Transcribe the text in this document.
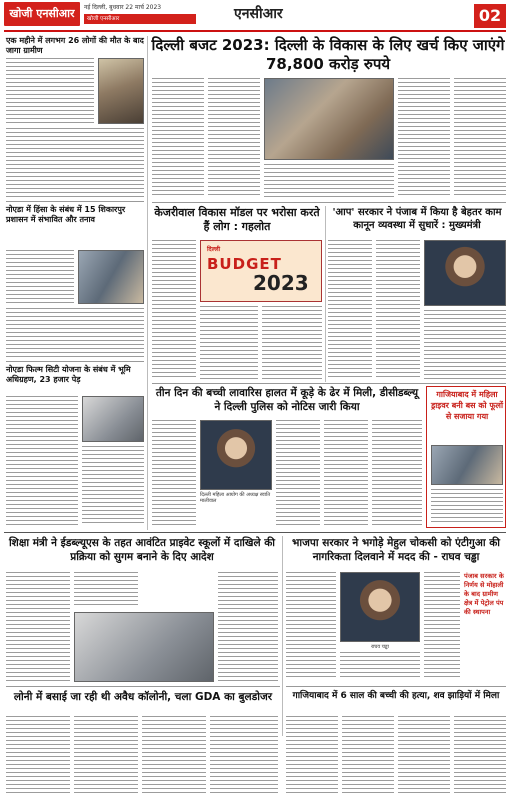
खोजी एनसीआर	नई दिल्ली, बुधवार 22 मार्च 2023
खोजी एनसीआर	एनसीआर	02
एक महीने में लगभग 26 लोगों की मौत के बाद जागा ग्रामीण
नोएडा में हिंसा के संबंध में 15 शिकारपुर प्रशासन में संभावित और तनाव
नोएडा फिल्म सिटी योजना के संबंध में भूमि अधिग्रहण, 23 हजार पेड़
दिल्ली बजट 2023: दिल्ली के विकास के लिए खर्च किए जाएंगे 78,800 करोड़ रुपये
केजरीवाल विकास मॉडल पर भरोसा करते हैं लोग : गहलोत
'आप' सरकार ने पंजाब में किया है बेहतर काम कानून व्यवस्था में सुधारें : मुख्यमंत्री
दिल्ली
BUDGET
2023
तीन दिन की बच्ची लावारिस हालत में कूड़े के ढेर में मिली, डीसीडब्ल्यू ने दिल्ली पुलिस को नोटिस जारी किया
दिल्ली महिला आयोग की अध्यक्ष स्वाति मालीवाल
गाजियाबाद में महिला ड्राइवर बनी बस को फूलों से सजाया गया
शिक्षा मंत्री ने ईडब्ल्यूएस के तहत आवंटित प्राइवेट स्कूलों में दाखिले की प्रक्रिया को सुगम बनाने के दिए आदेश
भाजपा सरकार ने भगोड़े मेहुल चोकसी को एंटीगुआ की नागरिकता दिलवाने में मदद की - राघव चड्ढा
राघव चड्ढा
पंजाब सरकार के निर्णय से मोहाली के बाद ग्रामीण क्षेत्र में पेट्रोल पंप की स्थापना
गाजियाबाद में 6 साल की बच्ची की हत्या, शव झाड़ियों में मिला
लोनी में बसाई जा रही थी अवैध कॉलोनी, चला GDA का बुलडोजर
